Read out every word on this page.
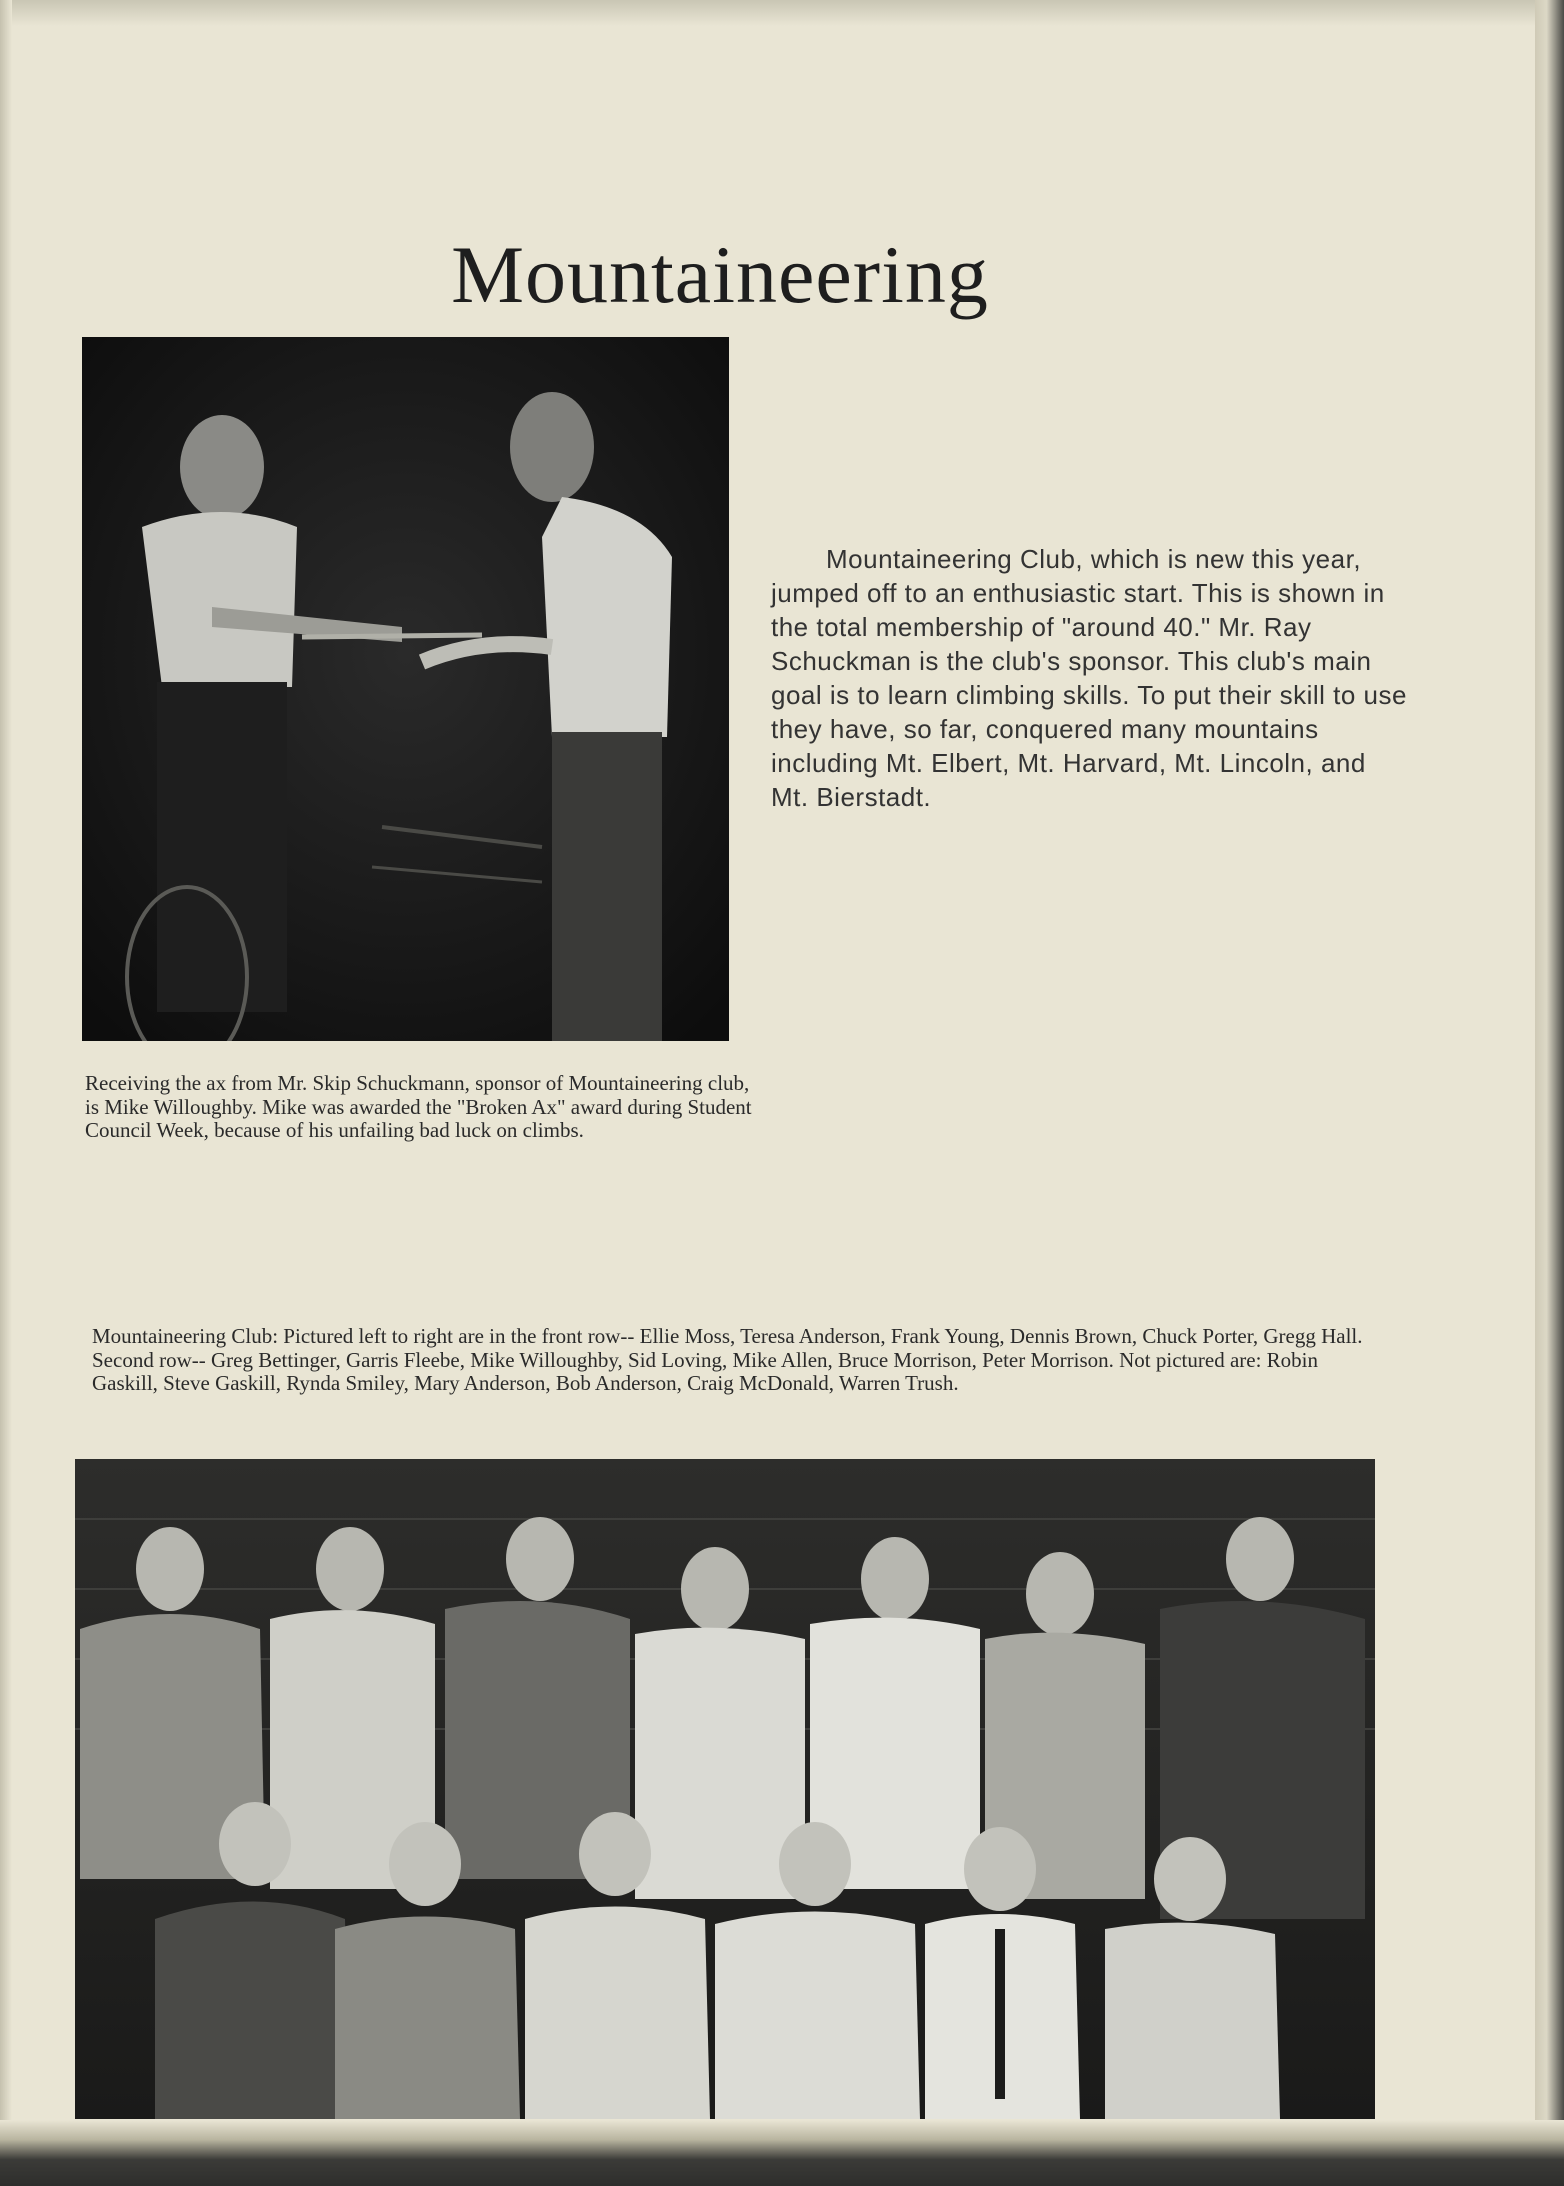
Mountaineering

Mountaineering Club, which is new this year, jumped off to an enthusiastic start. This is shown in the total membership of "around 40." Mr. Ray Schuckman is the club's sponsor. This club's main goal is to learn climbing skills. To put their skill to use they have, so far, conquered many mountains including Mt. Elbert, Mt. Harvard, Mt. Lincoln, and Mt. Bierstadt.

Receiving the ax from Mr. Skip Schuckmann, sponsor of Mountaineering club, is Mike Willoughby. Mike was awarded the "Broken Ax" award during Student Council Week, because of his unfailing bad luck on climbs.

Mountaineering Club: Pictured left to right are in the front row-- Ellie Moss, Teresa Anderson, Frank Young, Dennis Brown, Chuck Porter, Gregg Hall. Second row-- Greg Bettinger, Garris Fleebe, Mike Willoughby, Sid Loving, Mike Allen, Bruce Morrison, Peter Morrison. Not pictured are: Robin Gaskill, Steve Gaskill, Rynda Smiley, Mary Anderson, Bob Anderson, Craig McDonald, Warren Trush.
